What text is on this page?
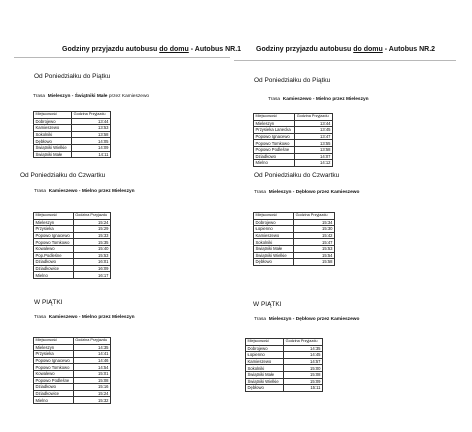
Godziny przyjazdu autobusu do domu - Autobus NR.1
Od Poniedziałku do Piątku
Trasa Mieleszyn - Świątniki Małe przez Kamieszewo
Miejscowość	Godzina Przyjazdu
Dobrojewo	13:44
Kamieszewo	13:53
Sokolniki	13:58
Dębłowo	14:05
Świątniki Wielkie	14:09
Świątniki Małe	14:11
Od Poniedziałku do Czwartku
Trasa Kamieszewo - Mielno przez Mieleszyn
Miejscowość	Godzina Przyjazdu
Mieleszyn	15:24
Przysieka	15:29
Popowo Ignacewo	15:33
Popowo Tomkowo	15:35
Kowalewo	15:40
Pop.Podleśne	15:53
Dziadkowo	16:01
Dziadkowice	16:09
Mielno	16:17
W PIĄTKI
Trasa Kamieszewo - Mielno przez Mieleszyn
Miejscowość	Godzina Przyjazdu
Mieleszyn	14:35
Przysieka	14:41
Popowo Ignacewo	14:46
Popowo Tomkowo	14:54
Kowalewo	15:01
Popowo Podleśne	15:08
Dziadkowo	15:16
Dziadkowice	15:24
Mielno	15:32
Godziny przyjazdu autobusu do domu - Autobus NR.2
Od Poniedziałku do Piątku
Trasa Kamieszewo - Mielno przez Mieleszyn
Miejscowość	Godzina Przyjazdu
Mieleszyn	13:44
Przysieka Lanecka	13:45
Popowo Ignacewo	13:47
Popowo Tomkowo	13:55
Popowo Podleśne	13:58
Dziadkowo	14:07
Mielno	14:12
Od Poniedziałku do Czwartku
Trasa Mieleszyn - Dębłowo przez Kamieszewo
Miejscowość	Godzina Przyjazdu
Dobrojewo	15:34
Łopienno	15:30
Kamieszewo	15:42
Sokolniki	15:47
Świątniki Małe	15:53
Świątniki Wielkie	15:54
Dębłowo	15:58
W PIĄTKI
Trasa Mieleszyn - Dębłowo przez Kamieszewo
Miejscowość	Godzina Przyjazdu
Dobrojewo	14:35
Łopienno	14:45
Kamieszewo	14:57
Sokolniki	15:00
Świątniki Małe	15:08
Świątniki Wielkie	15:09
Dębłowo	15:11
